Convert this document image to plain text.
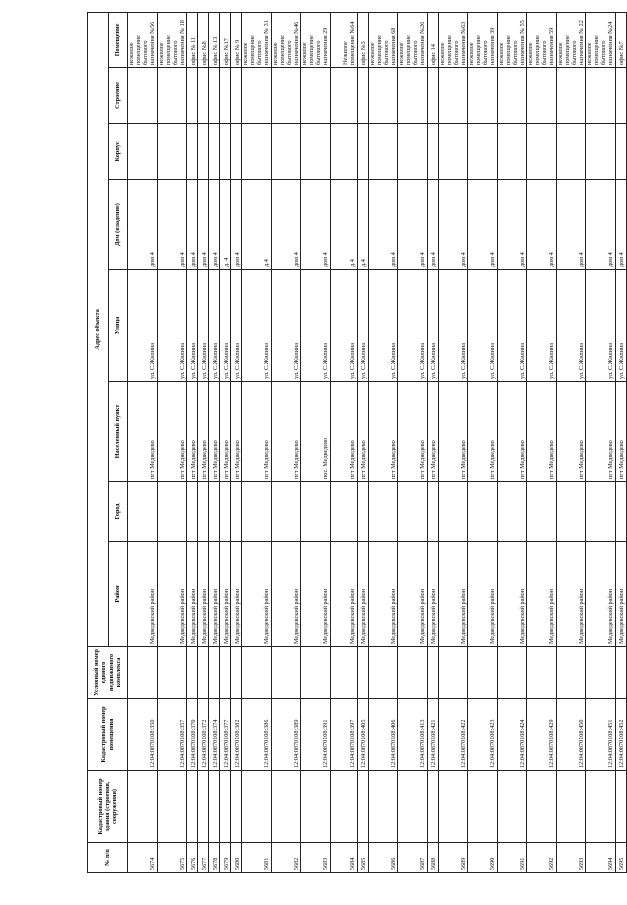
№ п/п	Кадастровый номер здания (строения, сооружения)	Кадастровый номер помещения	Условный номер единого недвижимого комплекса	Адрес объекта							
				Район	Город	Населенный пункт	Улица	Дом (владение)	Корпус	Строение	Помещение
5674		12:04:0870108:350		Медведевский район		пгт Медведево	ул. С.Жилина	дом 4			нежилое помещение бытового назначения №56
5675		12:04:0870108:357		Медведевский район		пгт Медведево	ул. С.Жилина	дом 4			нежилое помещение бытового назначения № 18
5676		12:04:0870108:370		Медведевский район		пгт Медведево	ул. С.Жилина	дом 4			офис № 11
5677		12:04:0870108:372		Медведевский район		пгт Медведево	ул. С.Жилина	дом 4			офис №8
5678		12:04:0870108:374		Медведевский район		пгт Медведево	ул. С.Жилина	дом 4			офис № 13
5679		12:04:0870108:377		Медведевский район		пгт Медведево	ул. С.Жилина	д. 4			офис №17
5680		12:04:0870108:382		Медведевский район		пгт Медведево	ул. С.Жилина	дом 4			офис № 9
5681		12:04:0870108:386		Медведевский район		пгт Медведево	ул. С.Жилина	д.4			нежилое помещение бытового назначения № 31
5682		12:04:0870108:389		Медведевский район		пгт Медведево	ул. С.Жилина	дом 4			нежилое помещение бытового назначения №46
5683		12:04:0870108:391		Медведевский район		пос. Медведево	ул. С.Жилина	дом 4			нежилое помещение бытового назначения 29
5684		12:04:0870108:397		Медведевский район		пгт Медведево	ул. С.Жилина	д.4			Нежилое помещение №64
5685		12:04:0870108:405		Медведевский район		пгт Медведево	ул. С.Жилина	д.4			офис №3
5686		12:04:0870108:406		Медведевский район		пгт Медведево	ул. С.Жилина	дом 4			нежилое помещение бытового назначения 68
5687		12:04:0870108:413		Медведевский район		пгт Медведево	ул. С.Жилина	дом 4			нежилое помещение бытового назначения №26
5688		12:04:0870108:421		Медведевский район		пгт Медведево	ул. С.Жилина	дом 4			офис 14
5689		12:04:0870108:422		Медведевский район		пгт Медведево	ул. С.Жилина	дом 4			нежилое помещение бытового назначения №63
5690		12:04:0870108:423		Медведевский район		пгт Медведево	ул. С.Жилина	дом 4			нежилое помещение бытового назначения 39
5691		12:04:0870108:424		Медведевский район		пгт Медведево	ул. С.Жилина	дом 4			нежилое помещение бытового назначения № 55
5692		12:04:0870108:429		Медведевский район		пгт Медведево	ул. С.Жилина	дом 4			нежилое помещение бытового назначения 59
5693		12:04:0870108:450		Медведевский район		пгт Медведево	ул. С.Жилина	дом 4			нежилое помещение бытового назначения № 22
5694		12:04:0870108:451		Медведевский район		пгт Медведево	ул. С.Жилина	дом 4			нежилое помещение бытового назначения №24
5695		12:04:0870108:452		Медведевский район		пгт Медведево	ул. С.Жилина	дом 4			офис №7
